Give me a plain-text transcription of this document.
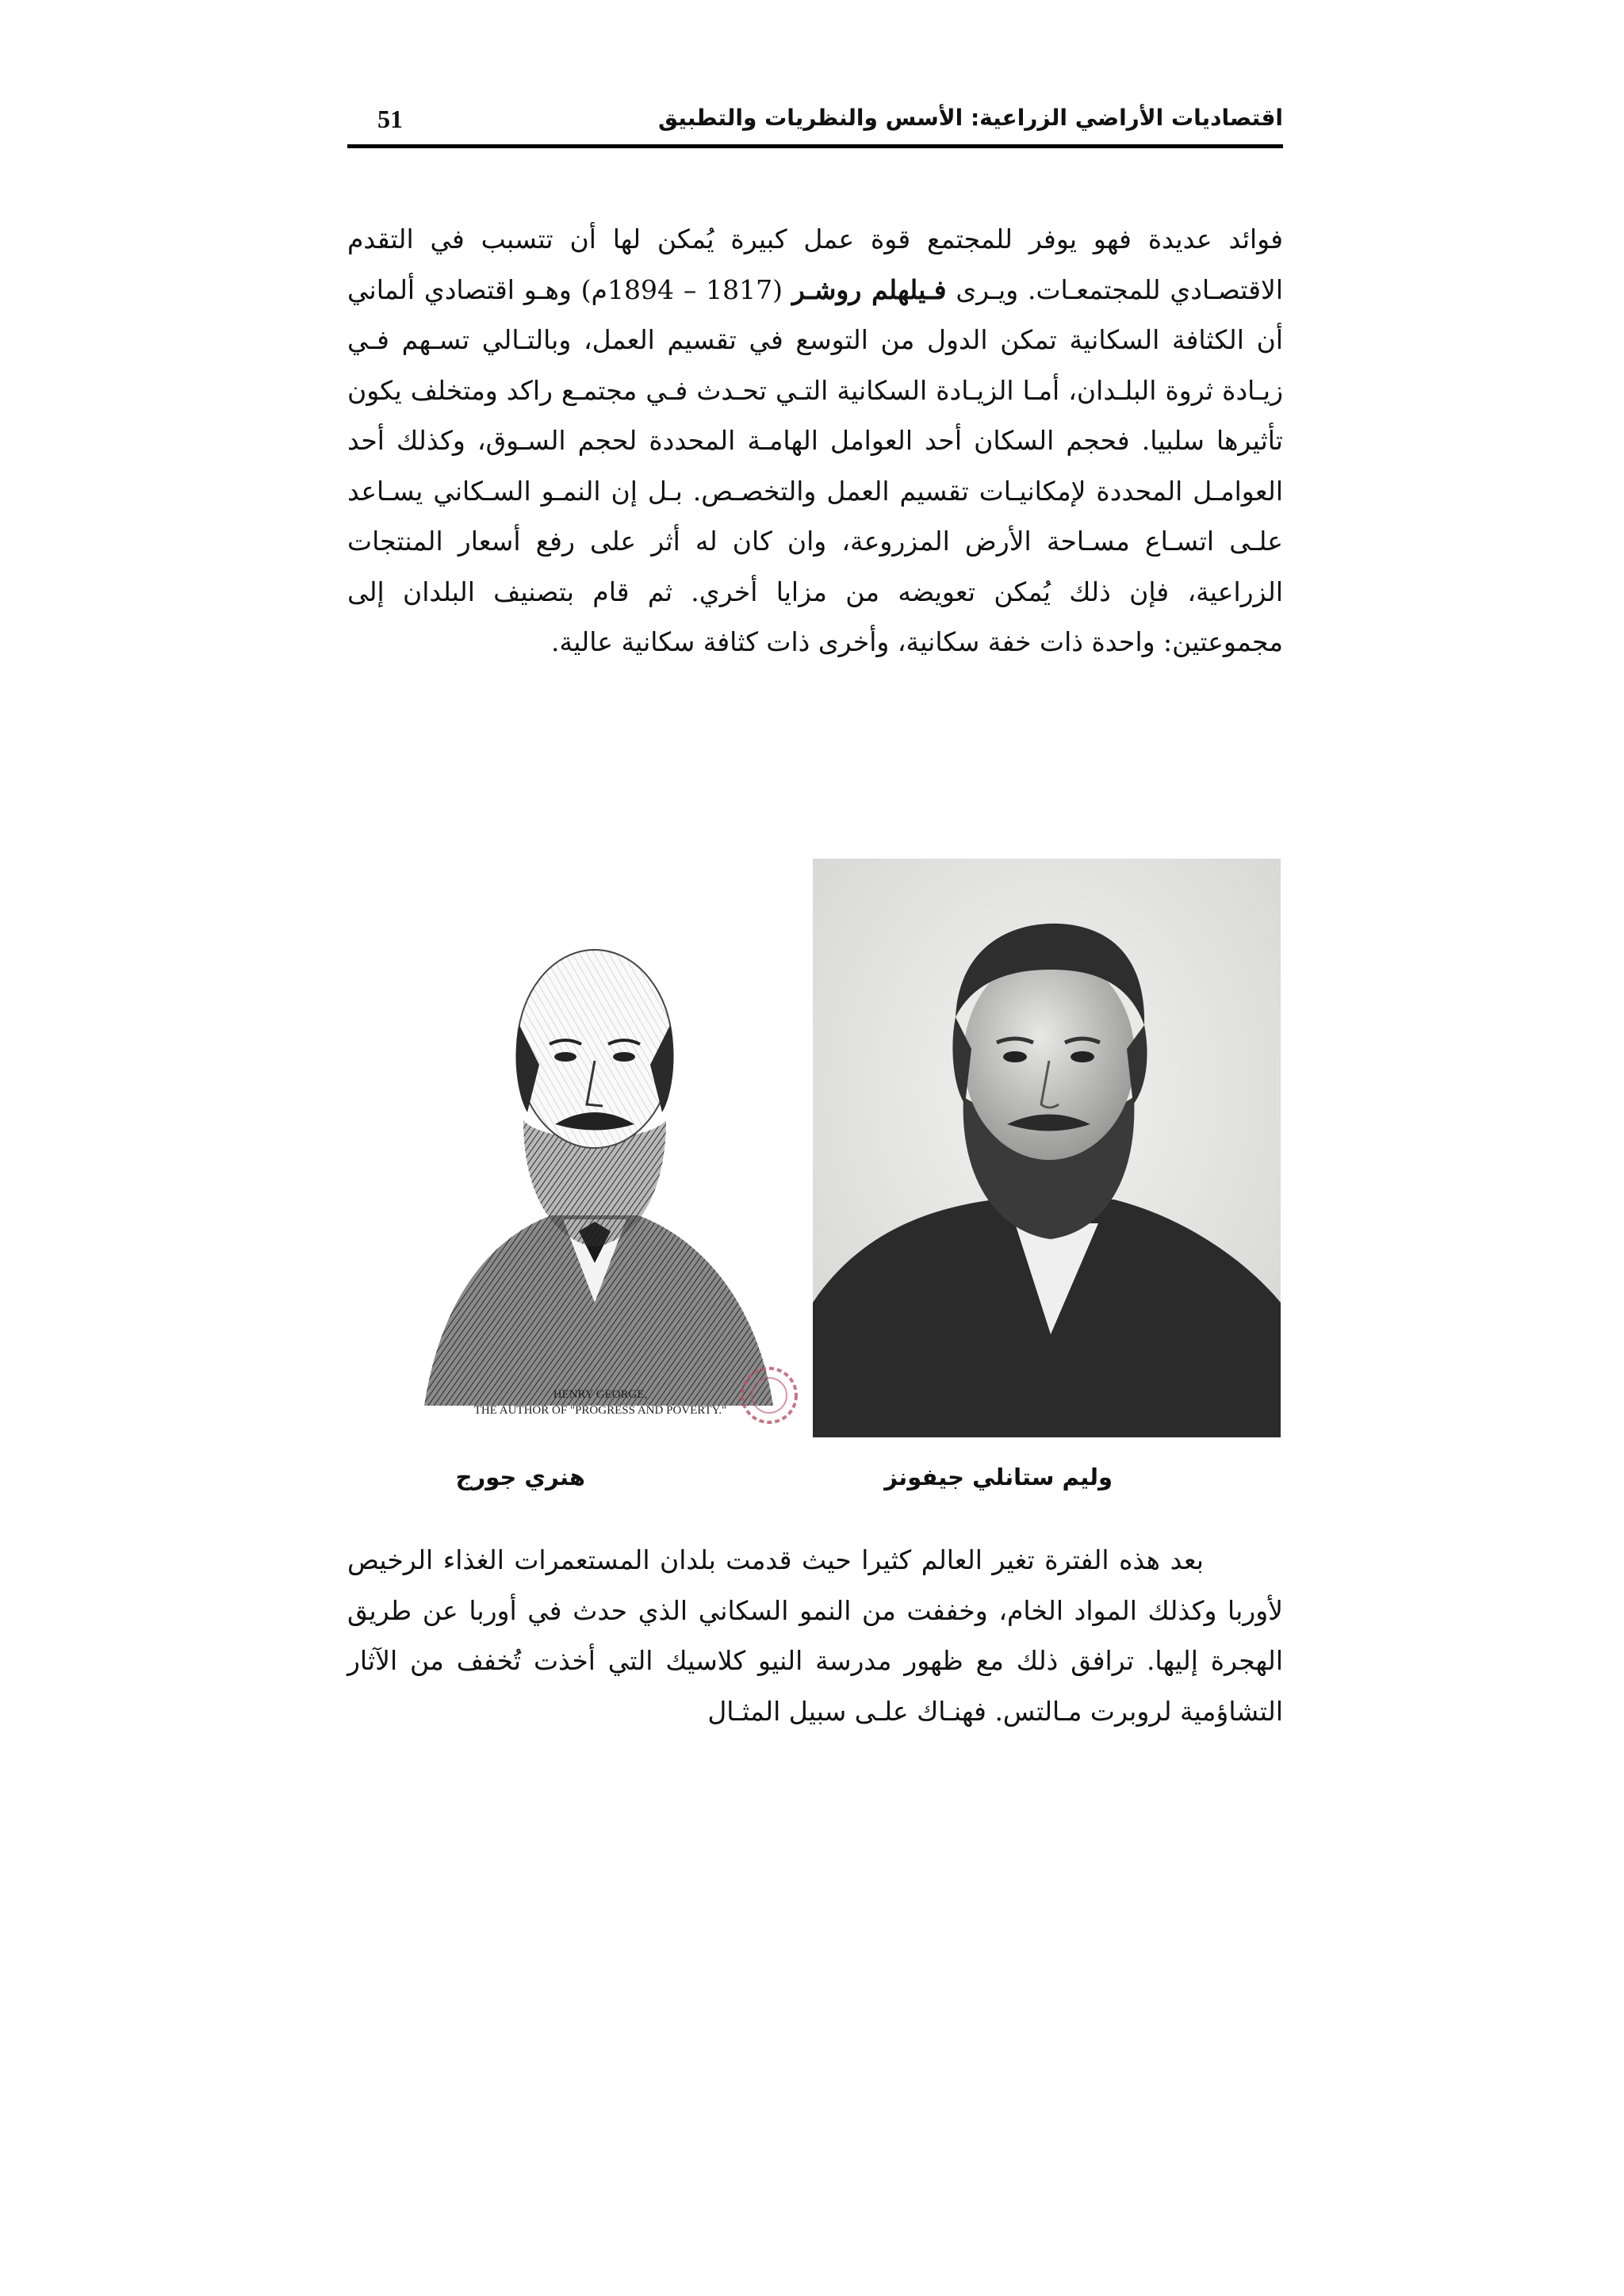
اقتصاديات الأراضي الزراعية: الأسس والنظريات والتطبيق
51

فوائد عديدة فهو يوفر للمجتمع قوة عمل كبيرة يُمكن لها أن تتسبب في التقدم الاقتصـادي للمجتمعـات. ويـرى فـيلهلم روشـر (1817 – 1894م) وهـو اقتصادي ألماني أن الكثافة السكانية تمكن الدول من التوسع في تقسيم العمل، وبالتـالي تسـهم فـي زيـادة ثروة البلـدان، أمـا الزيـادة السكانية التـي تحـدث فـي مجتمـع راكد ومتخلف يكون تأثيرها سلبيا. فحجم السكان أحد العوامل الهامـة المحددة لحجم السـوق، وكذلك أحد العوامـل المحددة لإمكانيـات تقسيم العمل والتخصـص. بـل إن النمـو السـكاني يسـاعد علـى اتسـاع مسـاحة الأرض المزروعة، وان كان له أثر على رفع أسعار المنتجات الزراعية، فإن ذلك يُمكن تعويضه من مزايا أخري. ثم قام بتصنيف البلدان إلى مجموعتين: واحدة ذات خفة سكانية، وأخرى ذات كثافة سكانية عالية.

HENRY GEORGE,
THE AUTHOR OF "PROGRESS AND POVERTY."
وليم ستانلي جيفونز
هنري جورج

بعد هذه الفترة تغير العالم كثيرا حيث قدمت بلدان المستعمرات الغذاء الرخيص لأوربا وكذلك المواد الخام، وخففت من النمو السكاني الذي حدث في أوربا عن طريق الهجرة إليها. ترافق ذلك مع ظهور مدرسة النيو كلاسيك التي أخذت تُخفف من الآثار التشاؤمية لروبرت مـالتس. فهنـاك علـى سبيل المثـال
